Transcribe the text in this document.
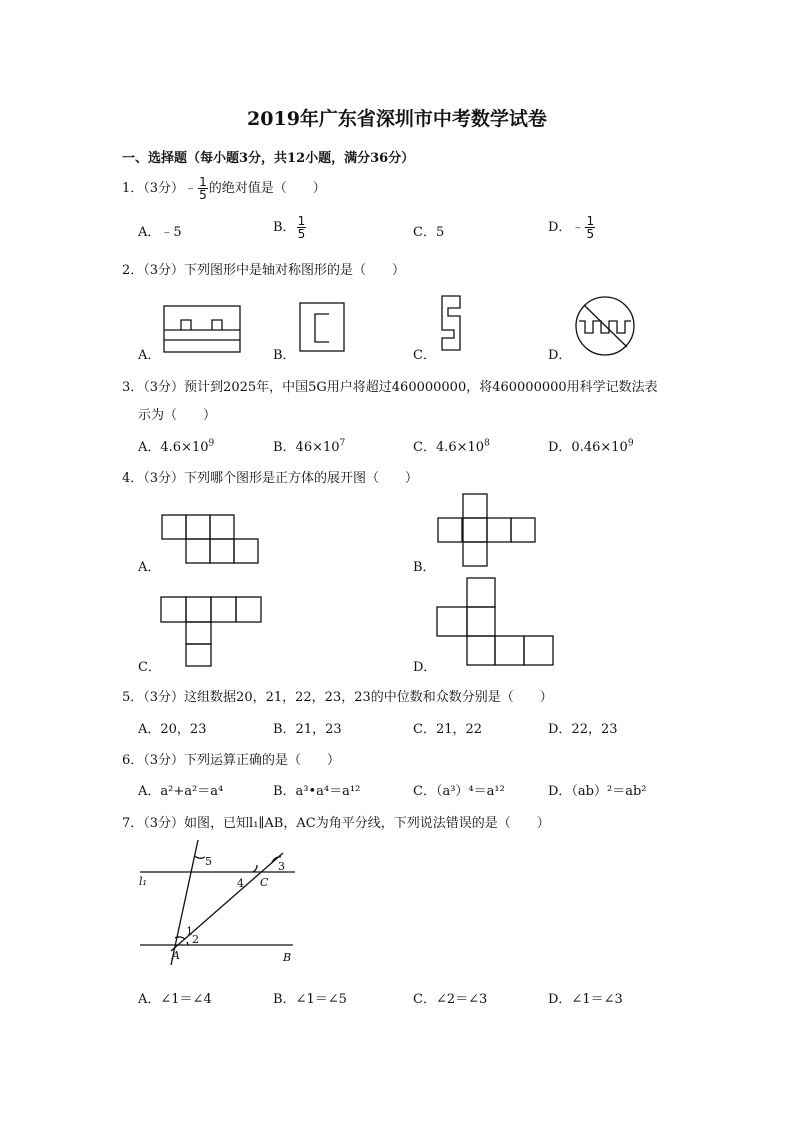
2019年广东省深圳市中考数学试卷
一、选择题（每小题3分，共12小题，满分36分）
1．（3分）﹣ $\frac{1}{5}$ 的绝对值是（　　）
A．﹣5	B． $\frac{1}{5}$	C．5	D．﹣ $\frac{1}{5}$
2．（3分）下列图形中是轴对称图形的是（　　）
A．	B．	C．	D．
3．（3分）预计到2025年，中国5G用户将超过460000000，将460000000用科学记数法表
示为（　　）
A．$4.6\times 10^9$	B．$46\times 10^7$	C．$4.6\times 10^8$	D．$0.46\times 10^9$
4．（3分）下列哪个图形是正方体的展开图（　　）
A．	B．
C．	D．
5．（3分）这组数据20，21，22，23，23的中位数和众数分别是（　　）
A．20，23	B．21，23	C．21，22	D．22，23
6．（3分）下列运算正确的是（　　）
A．a²+a²＝a⁴	B．a³•a⁴＝a¹²	C．（a³）⁴＝a¹²	D．（ab）²＝ab²
7．（3分）如图，已知l₁∥AB，AC为角平分线，下列说法错误的是（　　）
l₁
A	B
C
1
2
3
4
5
A．∠1＝∠4	B．∠1＝∠5	C．∠2＝∠3	D．∠1＝∠3
